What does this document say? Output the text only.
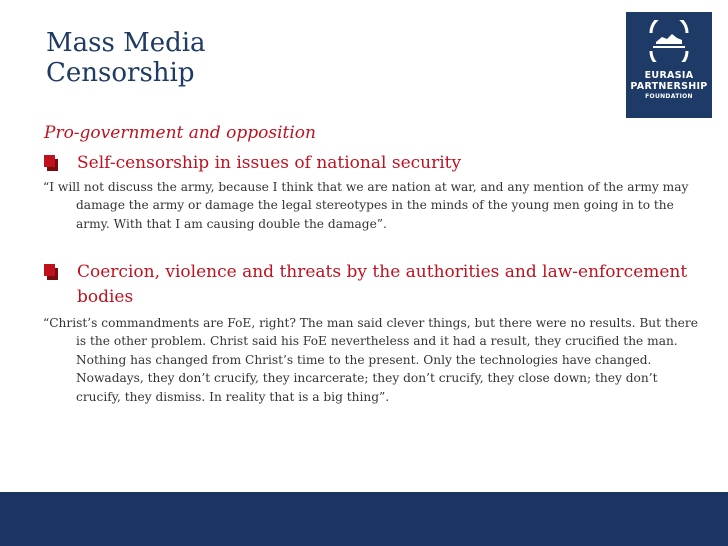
Mass Media
Censorship	EURASIA
PARTNERSHIP
FOUNDATION
Pro-government and opposition
Self-censorship in issues of national security

“I will not discuss the army, because I think that we are nation at war, and any mention of the army may damage the army or damage the legal stereotypes in the minds of the young men going in to the army. With that I am causing double the damage”.

Coercion, violence and threats by the authorities and law-enforcement bodies

“Christ’s commandments are FoE, right? The man said clever things, but there were no results. But there is the other problem. Christ said his FoE nevertheless and it had a result, they crucified the man. Nothing has changed from Christ’s time to the present. Only the technologies have changed. Nowadays, they don’t crucify, they incarcerate; they don’t crucify, they close down; they don’t crucify, they dismiss. In reality that is a big thing”.
